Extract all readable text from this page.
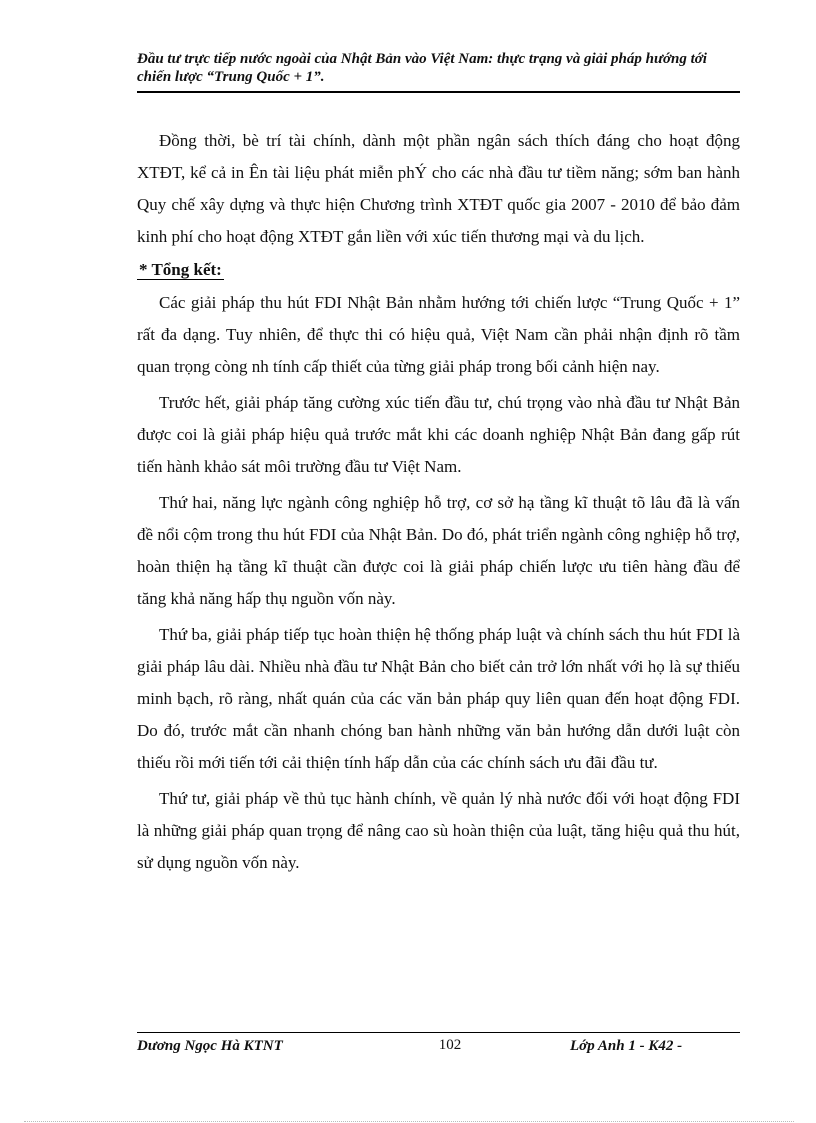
Đầu tư trực tiếp nước ngoài của Nhật Bản vào Việt Nam: thực trạng và giải pháp hướng tới chiến lược “Trung Quốc + 1”.

Đồng thời, bè trí tài chính, dành một phần ngân sách thích đáng cho hoạt động XTĐT, kể cả in Ên tài liệu phát miễn phÝ cho các nhà đầu tư tiềm năng; sớm ban hành Quy chế xây dựng và thực hiện Chương trình XTĐT quốc gia 2007 - 2010 để bảo đảm kinh phí cho hoạt động XTĐT gắn liền với xúc tiến thương mại và du lịch.

* Tổng kết:

Các giải pháp thu hút FDI Nhật Bản nhằm hướng tới chiến lược “Trung Quốc + 1” rất đa dạng. Tuy nhiên, để thực thi có hiệu quả, Việt Nam cần phải nhận định rõ tầm quan trọng còng nh tính cấp thiết của từng giải pháp trong bối cảnh hiện nay.

Trước hết, giải pháp tăng cường xúc tiến đầu tư, chú trọng vào nhà đầu tư Nhật Bản được coi là giải pháp hiệu quả trước mắt khi các doanh nghiệp Nhật Bản đang gấp rút tiến hành khảo sát môi trường đầu tư Việt Nam.

Thứ hai, năng lực ngành công nghiệp hỗ trợ, cơ sở hạ tầng kĩ thuật tõ lâu đã là vấn đề nổi cộm trong thu hút FDI của Nhật Bản. Do đó, phát triển ngành công nghiệp hỗ trợ, hoàn thiện hạ tầng kĩ thuật cần được coi là giải pháp chiến lược ưu tiên hàng đầu để tăng khả năng hấp thụ nguồn vốn này.

Thứ ba, giải pháp tiếp tục hoàn thiện hệ thống pháp luật và chính sách thu hút FDI là giải pháp lâu dài. Nhiều nhà đầu tư Nhật Bản cho biết cản trở lớn nhất với họ là sự thiếu minh bạch, rõ ràng, nhất quán của các văn bản pháp quy liên quan đến hoạt động FDI. Do đó, trước mắt cần nhanh chóng ban hành những văn bản hướng dẫn dưới luật còn thiếu rồi mới tiến tới cải thiện tính hấp dẫn của các chính sách ưu đãi đầu tư.

Thứ tư, giải pháp về thủ tục hành chính, về quản lý nhà nước đối với hoạt động FDI là những giải pháp quan trọng để nâng cao sù hoàn thiện của luật, tăng hiệu quả thu hút, sử dụng nguồn vốn này.

Dương Ngọc Hà KTNT	102	Lớp Anh 1 - K42 -
